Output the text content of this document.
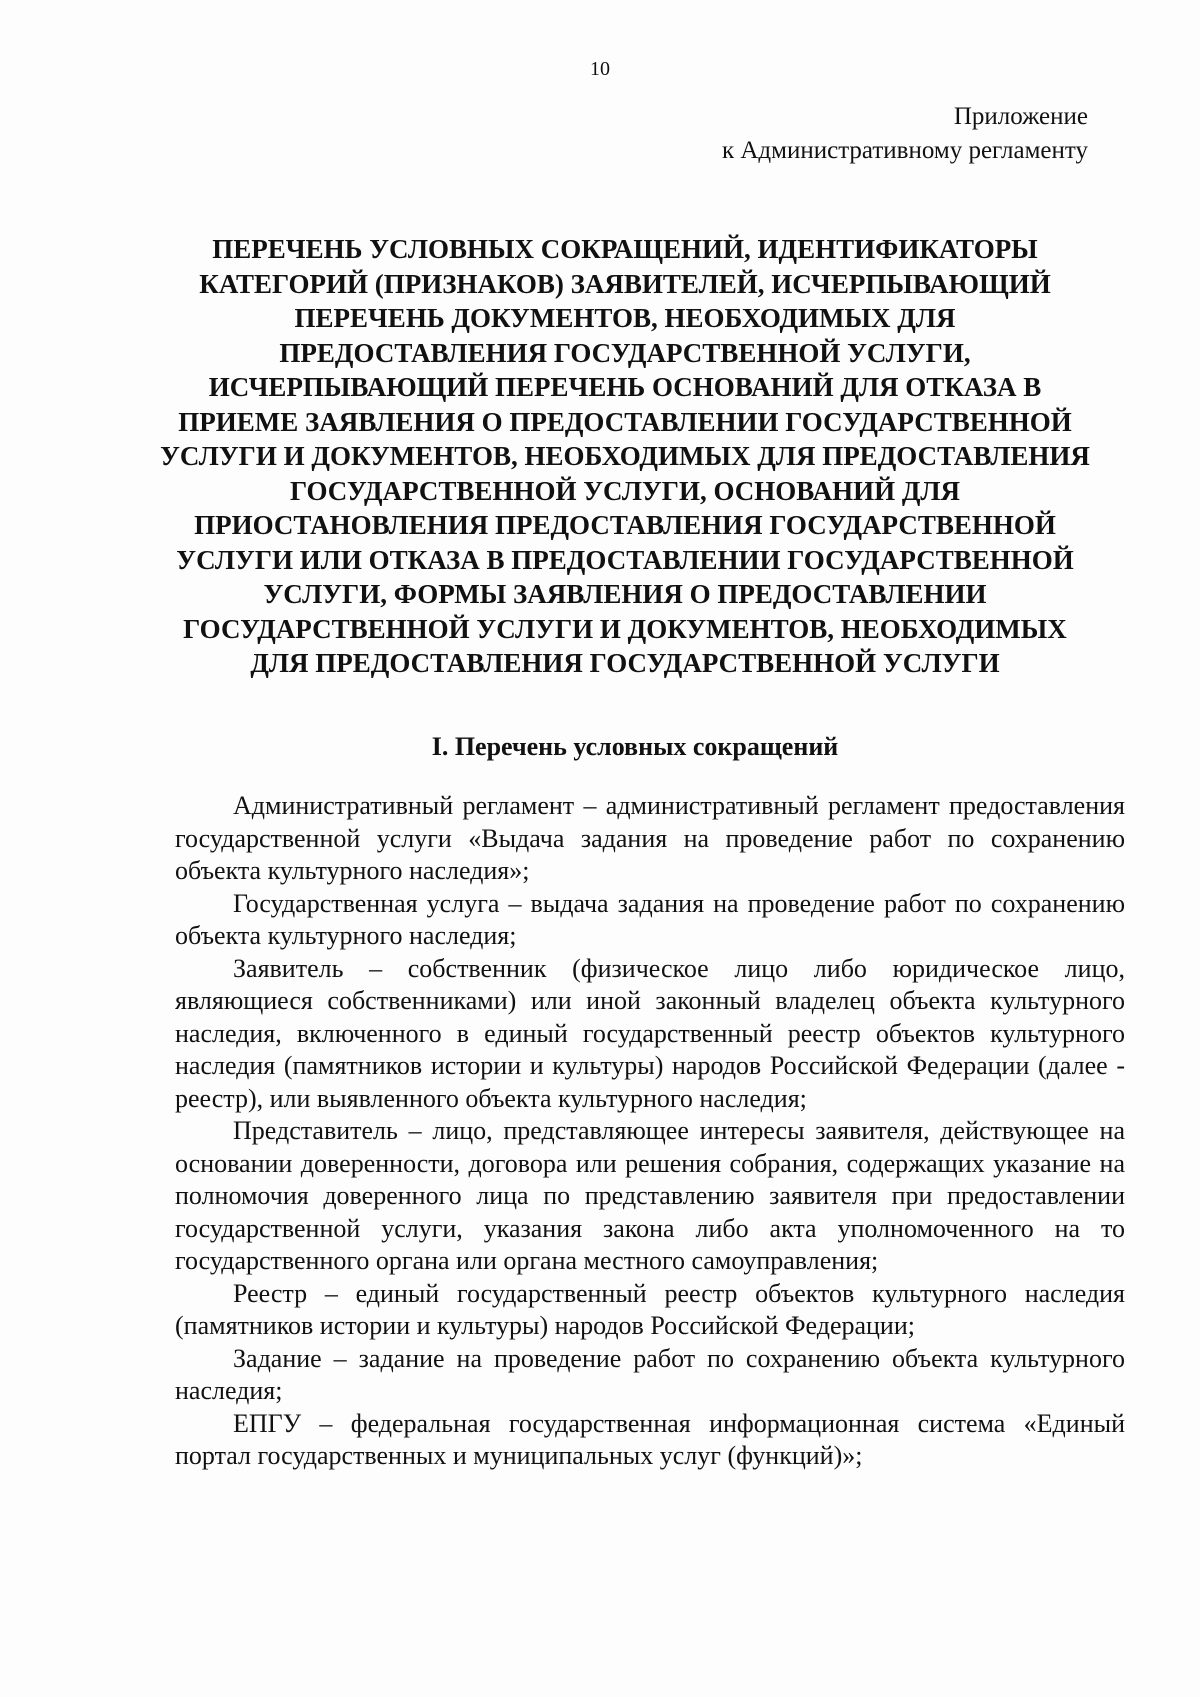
10
Приложение
к Административному регламенту
ПЕРЕЧЕНЬ УСЛОВНЫХ СОКРАЩЕНИЙ, ИДЕНТИФИКАТОРЫ КАТЕГОРИЙ (ПРИЗНАКОВ) ЗАЯВИТЕЛЕЙ, ИСЧЕРПЫВАЮЩИЙ ПЕРЕЧЕНЬ ДОКУМЕНТОВ, НЕОБХОДИМЫХ ДЛЯ ПРЕДОСТАВЛЕНИЯ ГОСУДАРСТВЕННОЙ УСЛУГИ, ИСЧЕРПЫВАЮЩИЙ ПЕРЕЧЕНЬ ОСНОВАНИЙ ДЛЯ ОТКАЗА В ПРИЕМЕ ЗАЯВЛЕНИЯ О ПРЕДОСТАВЛЕНИИ ГОСУДАРСТВЕННОЙ УСЛУГИ И ДОКУМЕНТОВ, НЕОБХОДИМЫХ ДЛЯ ПРЕДОСТАВЛЕНИЯ ГОСУДАРСТВЕННОЙ УСЛУГИ, ОСНОВАНИЙ ДЛЯ ПРИОСТАНОВЛЕНИЯ ПРЕДОСТАВЛЕНИЯ ГОСУДАРСТВЕННОЙ УСЛУГИ ИЛИ ОТКАЗА В ПРЕДОСТАВЛЕНИИ ГОСУДАРСТВЕННОЙ УСЛУГИ, ФОРМЫ ЗАЯВЛЕНИЯ О ПРЕДОСТАВЛЕНИИ ГОСУДАРСТВЕННОЙ УСЛУГИ И ДОКУМЕНТОВ, НЕОБХОДИМЫХ ДЛЯ ПРЕДОСТАВЛЕНИЯ ГОСУДАРСТВЕННОЙ УСЛУГИ
I. Перечень условных сокращений

Административный регламент – административный регламент предоставления государственной услуги «Выдача задания на проведение работ по сохранению объекта культурного наследия»;

Государственная услуга – выдача задания на проведение работ по сохранению объекта культурного наследия;

Заявитель – собственник (физическое лицо либо юридическое лицо, являющиеся собственниками) или иной законный владелец объекта культурного наследия, включенного в единый государственный реестр объектов культурного наследия (памятников истории и культуры) народов Российской Федерации (далее - реестр), или выявленного объекта культурного наследия;

Представитель – лицо, представляющее интересы заявителя, действующее на основании доверенности, договора или решения собрания, содержащих указание на полномочия доверенного лица по представлению заявителя при предоставлении государственной услуги, указания закона либо акта уполномоченного на то государственного органа или органа местного самоуправления;

Реестр – единый государственный реестр объектов культурного наследия (памятников истории и культуры) народов Российской Федерации;

Задание – задание на проведение работ по сохранению объекта культурного наследия;

ЕПГУ – федеральная государственная информационная система «Единый портал государственных и муниципальных услуг (функций)»;
